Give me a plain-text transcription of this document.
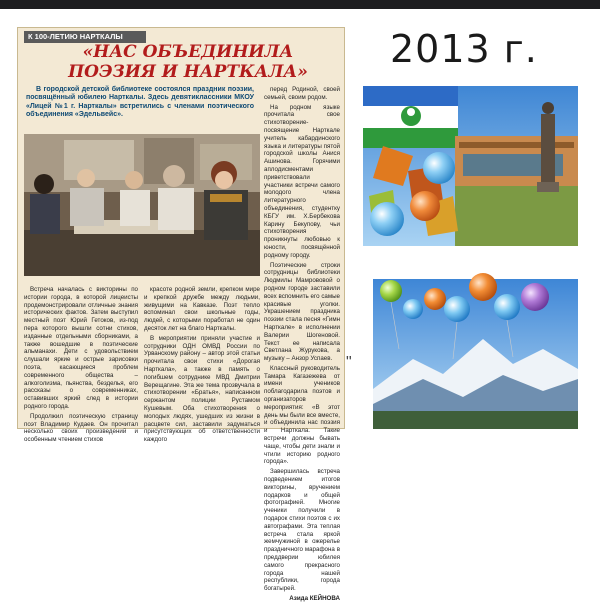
К 100-ЛЕТИЮ НАРТКАЛЫ
«НАС ОБЪЕДИНИЛА
ПОЭЗИЯ И НАРТКАЛА»
В городской детской библиотеке состоялся праздник поэзии, посвящённый юбилею Нарткалы. Здесь девятиклассники МКОУ «Лицей №1 г. Нарткалы» встретились с членами поэтического объединения «Эдельвейс».

Встреча началась с викторины по истории города, в которой лицеисты продемонстрировали отличные знания исторических фактов. Затем выступил местный поэт Юрий Гетоков, из-под пера которого вышли сотни стихов, изданные отдельными сборниками, а также вошедшие в поэтические альманахи. Дети с удовольствием слушали яркие и острые зарисовки поэта, касающиеся проблем современного общества – алкоголизма, пьянства, безделья, его рассказы о современниках, оставивших яркий след в истории родного города.

Продолжил поэтическую страницу поэт Владимир Кудаев. Он прочитал несколько своих произведений и особенным чтением стихов

красоте родной земли, крепком мире и крепкой дружбе между людьми, живущими на Кавказе. Поэт тепло вспоминал свои школьные годы, людей, с которыми поработал не один десяток лет на благо Нарткалы.

В мероприятии приняли участие и сотрудники ОДН ОМВД России по Урванскому району – автор этой статьи прочитала свои стихи «Дорогая Нарткала», а также в память о погибшем сотруднике МВД Дмитрии Верещагине. Эта же тема прозвучала в стихотворении «Братья», написанном сержантом полиции Рустамом Кушевым. Оба стихотворения о молодых людях, ушедших из жизни в расцвете сил, заставили задуматься присутствующих об ответственности каждого

перед Родиной, своей семьей, своим родом.

На родном языке прочитала свое стихотворение-посвящение Нарткале учитель кабардинского языка и литературы пятой городской школы Анися Ашинова. Горячими аплодисментами приветствовали участники встречи самого молодого члена литературного объединения, студентку КБГУ им. Х.Бербекова Карину Бекупову, чьи стихотворения проникнуты любовью к юности, посвящённой родному городу.

Поэтические строки сотрудницы библиотеки Людмилы Мамрововой о родном городе заставили всех вспомнить его самые красивые уголки. Украшением праздника поэзии стала песня «Гимн Нарткале» в исполнении Валерии Шогеновой. Текст ее написала Светлана Журукова, а музыку – Анзор Успаев.

Классный руководитель Тамара Кагазежева от имени учеников поблагодарила поэтов и организаторов мероприятия: «В этот день мы были все вместе, и объединила нас поэзия и Нарткала. Такие встречи должны бывать чаще, чтобы дети знали и чтили историю родного города».

Завершилась встреча подведением итогов викторины, вручением подарков и общей фотографией. Многие ученики получили в подарок стихи поэтов с их автографами. Эта теплая встреча стала яркой жемчужиной в ожерелье праздничного марафона в преддверии юбилея самого прекрасного города нашей республики, города богатырей.

Азида КЕЙНОВА

2013 г.
"
